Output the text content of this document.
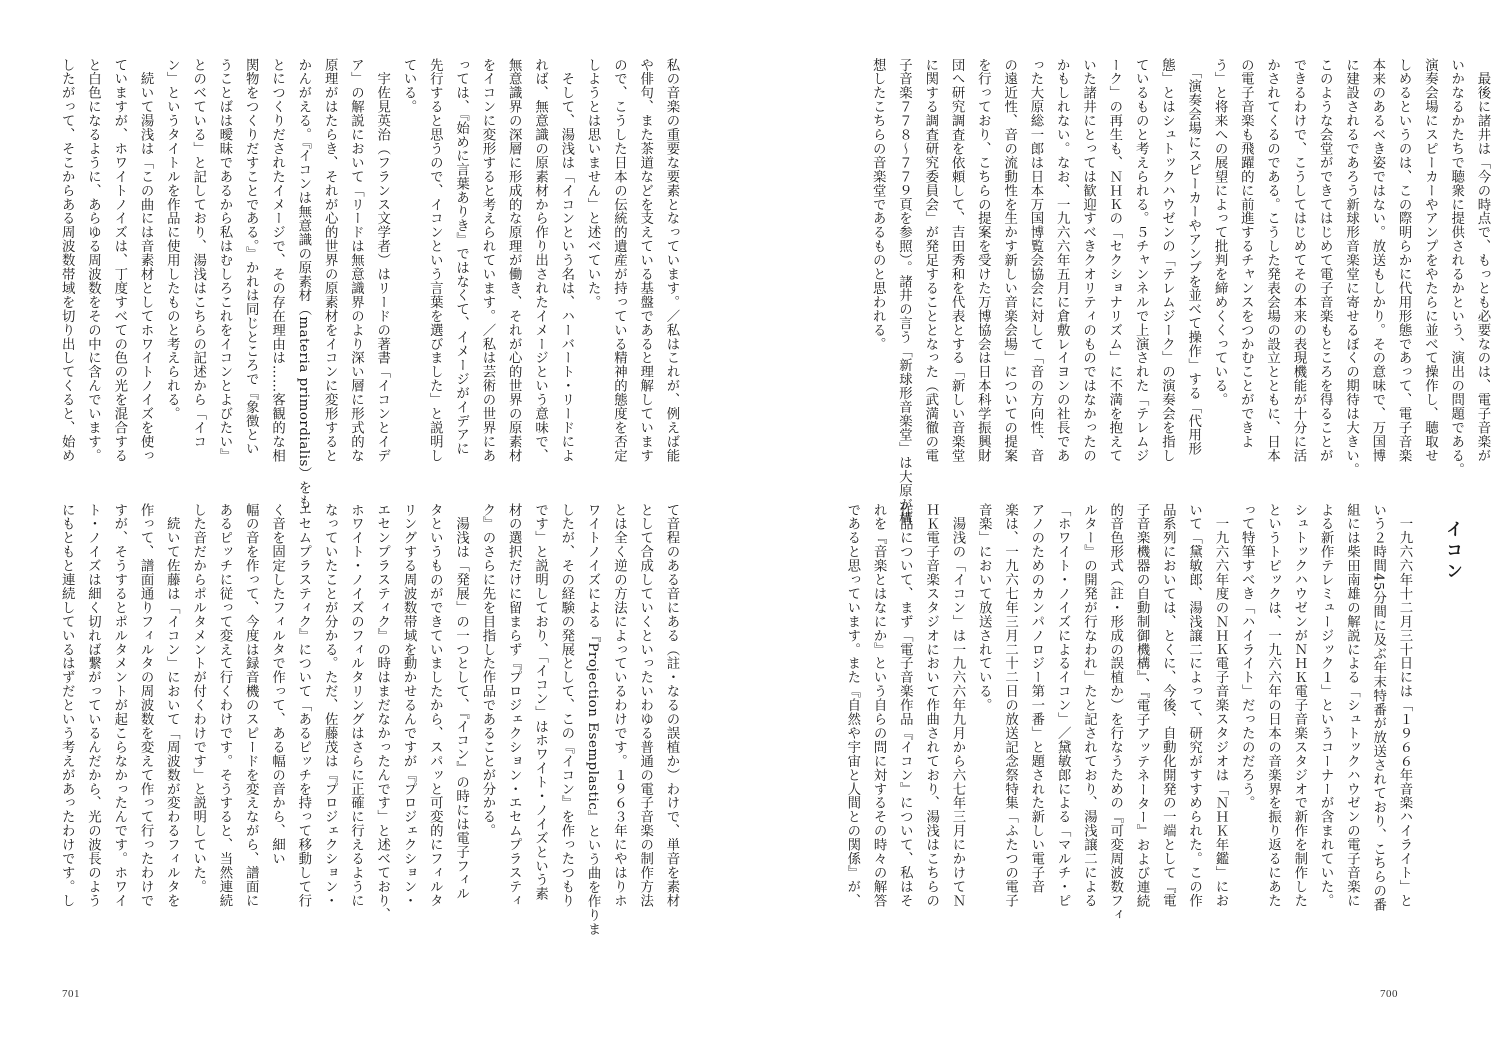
私の音楽の重要な要素となっています。／私はこれが、例えば能
や俳句、また茶道などを支えている基盤であると理解しています
ので、こうした日本の伝統的遺産が持っている精神的態度を否定
しようとは思いません」と述べていた。
　そして、湯浅は「イコンという名は、ハーバート・リードによ
れば、無意識の原素材から作り出されたイメージという意味で、
無意識界の深層に形成的な原理が働き、それが心的世界の原素材
をイコンに変形すると考えられています。／私は芸術の世界にあ
っては、『始めに言葉ありき』ではなくて、イメージがイデアに
先行すると思うので、イコンという言葉を選びました」と説明し
ている。
　宇佐見英治（フランス文学者）はリードの著書「イコンとイデ
ア」の解説において「リードは無意識界のより深い層に形式的な
原理がはたらき、それが心的世界の原素材をイコンに変形すると
かんがえる。『イコンは無意識の原素材（materia primordialis）をも
とにつくりだされたイメージで、その存在理由は……客観的な相
関物をつくりだすことである。』かれは同じところで『象徴とい
うことばは曖昧であるから私はむしろこれをイコンとよびたい』
とのべている」と記しており、湯浅はこちらの記述から「イコ
ン」というタイトルを作品に使用したものと考えられる。
　続いて湯浅は「この曲には音素材としてホワイトノイズを使っ
ていますが、ホワイトノイズは、丁度すべての色の光を混合する
と白色になるように、あらゆる周波数をその中に含んでいます。
したがって、そこからある周波数帯域を切り出してくると、始め
て音程のある音にある（註・なるの誤植か）わけで、単音を素材
として合成していくといったいわゆる普通の電子音楽の制作方法
とは全く逆の方法によっているわけです。１９６３年にやはりホ
ワイトノイズによる『Projection Esemplastic』という曲を作りま
したが、その経験の発展として、この『イコン』を作ったつもり
です」と説明しており、「イコン」はホワイト・ノイズという素
材の選択だけに留まらず『プロジェクション・エセムプラスティ
ク』のさらに先を目指した作品であることが分かる。
　湯浅は「発展」の一つとして、『イコン』の時には電子フィル
タというものができていましたから、スパッと可変的にフィルタ
リングする周波数帯域を動かせるんですが『プロジェクション・
エセンプラスティク』の時はまだなかったんです」と述べており、
ホワイト・ノイズのフィルタリングはさらに正確に行えるように
なっていたことが分かる。ただ、佐藤茂は『プロジェクション・
エセムプラスティク』について「あるピッチを持って移動して行
く音を固定したフィルタで作って、ある幅の音から、細い
幅の音を作って、今度は録音機のスピードを変えながら、譜面に
あるピッチに従って変えて行くわけです。そうすると、当然連続
した音だからポルタメントが付くわけです」と説明していた。
　続いて佐藤は「イコン」において「周波数が変わるフィルタを
作って、譜面通りフィルタの周波数を変えて作って行ったわけで
すが、そうするとポルタメントが起こらなかったんです。ホワイ
ト・ノイズは細く切れば繋がっているんだから、光の波長のよう
にもともと連続しているはずだという考えがあったわけです。し
701
　最後に諸井は「今の時点で、もっとも必要なのは、電子音楽が
いかなるかたちで聴衆に提供されるかという、演出の問題である。
演奏会場にスピーカーやアンプをやたらに並べて操作し、聴取せ
しめるというのは、この際明らかに代用形態であって、電子音楽
本来のあるべき姿ではない。放送もしかり。その意味で、万国博
に建設されるであろう新球形音楽堂に寄せるぼくの期待は大きい。
このような会堂ができてはじめて電子音楽もところを得ることが
できるわけで、こうしてはじめてその本来の表現機能が十分に活
かされてくるのである。こうした発表会場の設立とともに、日本
の電子音楽も飛躍的に前進するチャンスをつかむことができよ
う」と将来への展望によって批判を締めくくっている。
　「演奏会場にスピーカーやアンプを並べて操作」する「代用形
態」とはシュトックハウゼンの「テレムジーク」の演奏会を指し
ているものと考えられる。５チャンネルで上演された「テレムジ
ーク」の再生も、ＮＨＫの「セクショナリズム」に不満を抱えて
いた諸井にとっては歓迎すべきクオリティのものではなかったの
かもしれない。なお、一九六六年五月に倉敷レイヨンの社長であ
った大原総一郎は日本万国博覧会協会に対して「音の方向性、音
の遠近性、音の流動性を生かす新しい音楽会場」についての提案
を行っており、こちらの提案を受けた万博協会は日本科学振興財
団へ研究調査を依頼して、吉田秀和を代表とする「新しい音楽堂
に関する調査研究委員会」が発足することとなった（武満徹の電
子音楽７７８～７７９頁を参照）。諸井の言う「新球形音楽堂」は大原が構
想したこちらの音楽堂であるものと思われる。
イコン
　一九六六年十二月三十日には「１９６６年音楽ハイライト」と
いう２時間45分間に及ぶ年末特番が放送されており、こちらの番
組には柴田南雄の解説による「シュトックハウゼンの電子音楽に
よる新作テレミュージック１」というコーナーが含まれていた。
シュトックハウゼンがＮＨＫ電子音楽スタジオで新作を制作した
というトピックは、一九六六年の日本の音楽界を振り返るにあた
って特筆すべき「ハイライト」だったのだろう。
　一九六六年度のＮＨＫ電子音楽スタジオは「ＮＨＫ年鑑」にお
いて「黛敏郎、湯浅譲二によって、研究がすすめられた。この作
品系列においては、とくに、今後、自動化開発の一端として『電
子音楽機器の自動制御機構』、『電子アッテネーター』および連続
的音色形式（註・形成の誤植か）を行なうための『可変周波数フィ
ルター』の開発が行なわれ」たと記されており、湯浅譲二による
「ホワイト・ノイズによるイコン」／黛敏郎による「マルチ・ピ
アノのためのカンパノロジー第一番」と題された新しい電子音
楽は、一九六七年三月二十二日の放送記念祭特集「ふたつの電子
音楽」において放送されている。
　湯浅の「イコン」は一九六六年九月から六七年三月にかけてＮ
ＨＫ電子音楽スタジオにおいて作曲されており、湯浅はこちらの
作品について、まず「電子音楽作品『イコン』について、私はそ
れを『音楽とはなにか』という自らの問に対するその時々の解答
であると思っています。また『自然や宇宙と人間との関係』が、
700
